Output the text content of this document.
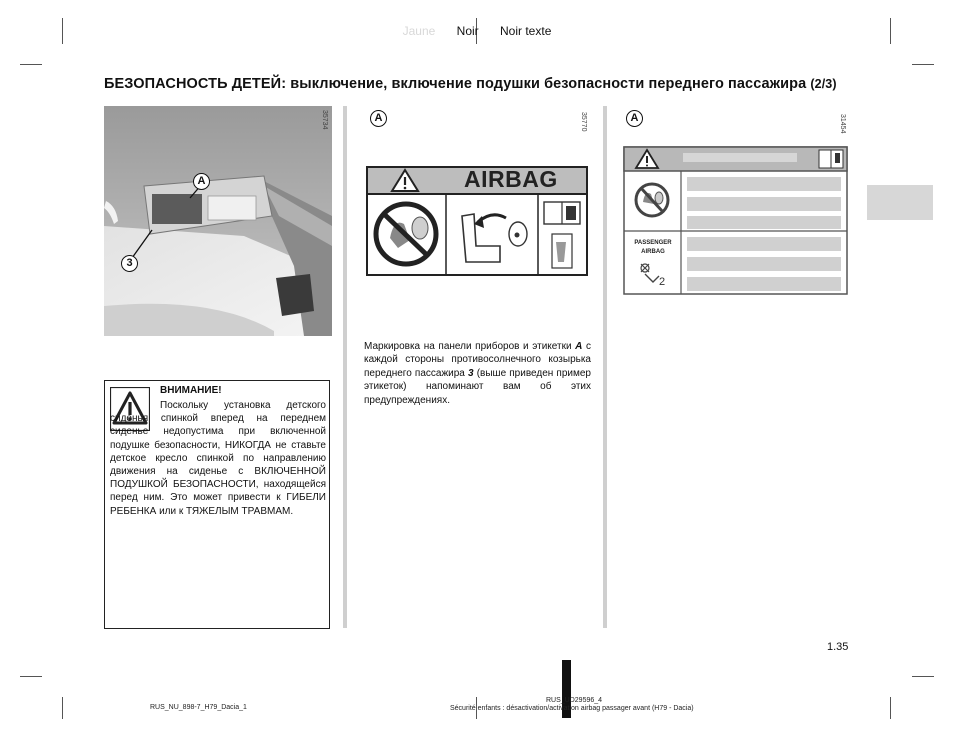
Jaune Noir Noir texte
БЕЗОПАСНОСТЬ ДЕТЕЙ: выключение, включение подушки безопасности переднего пассажира (2/3)
35734
A
3
A	35770
AIRBAG
A	31454
PASSENGER
AIRBAG
2
ВНИМАНИЕ!
Поскольку установка детского сиденья спинкой вперед на переднем сиденье недопустима при включенной подушке безопасности, НИКОГДА не ставьте детское кресло спинкой по направлению движения на сиденье с ВКЛЮЧЕННОЙ ПОДУШКОЙ БЕЗОПАСНОСТИ, находящейся перед ним. Это может привести к ГИБЕЛИ РЕБЕНКА или к ТЯЖЕЛЫМ ТРАВМАМ.
Маркировка на панели приборов и этикетки A с каждой стороны противосолнечного козырька переднего пассажира 3 (выше приведен пример этикеток) напоминают вам об этих предупреждениях.
1.35
RUS_NU_898-7_H79_Dacia_1
RUS_UD29596_4
Sécurité enfants : désactivation/activation airbag passager avant (H79 - Dacia)
